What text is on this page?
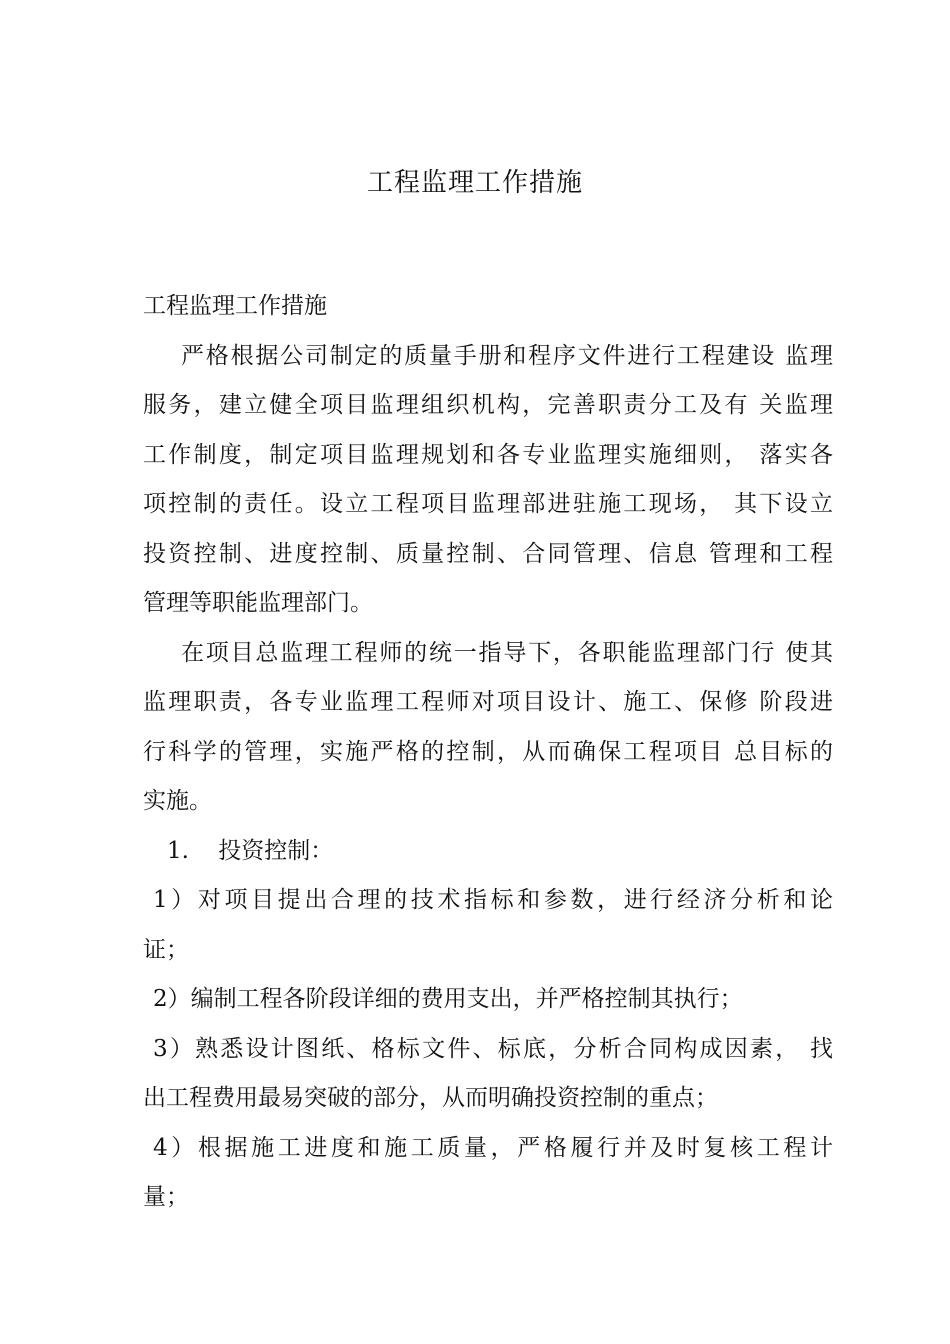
工程监理工作措施
工程监理工作措施
严格根据公司制定的质量手册和程序文件进行工程建设 监理
服务，建立健全项目监理组织机构，完善职责分工及有 关监理
工作制度，制定项目监理规划和各专业监理实施细则， 落实各
项控制的责任。设立工程项目监理部进驻施工现场， 其下设立
投资控制、进度控制、质量控制、合同管理、信息 管理和工程
管理等职能监理部门。
在项目总监理工程师的统一指导下，各职能监理部门行 使其
监理职责，各专业监理工程师对项目设计、施工、保修 阶段进
行科学的管理，实施严格的控制，从而确保工程项目 总目标的
实施。
1.    投资控制：
1）对项目提出合理的技术指标和参数，进行经济分析和论
证；
2）编制工程各阶段详细的费用支出，并严格控制其执行；
3）熟悉设计图纸、格标文件、标底，分析合同构成因素， 找
出工程费用最易突破的部分，从而明确投资控制的重点；
4）根据施工进度和施工质量，严格履行并及时复核工程计
量；
